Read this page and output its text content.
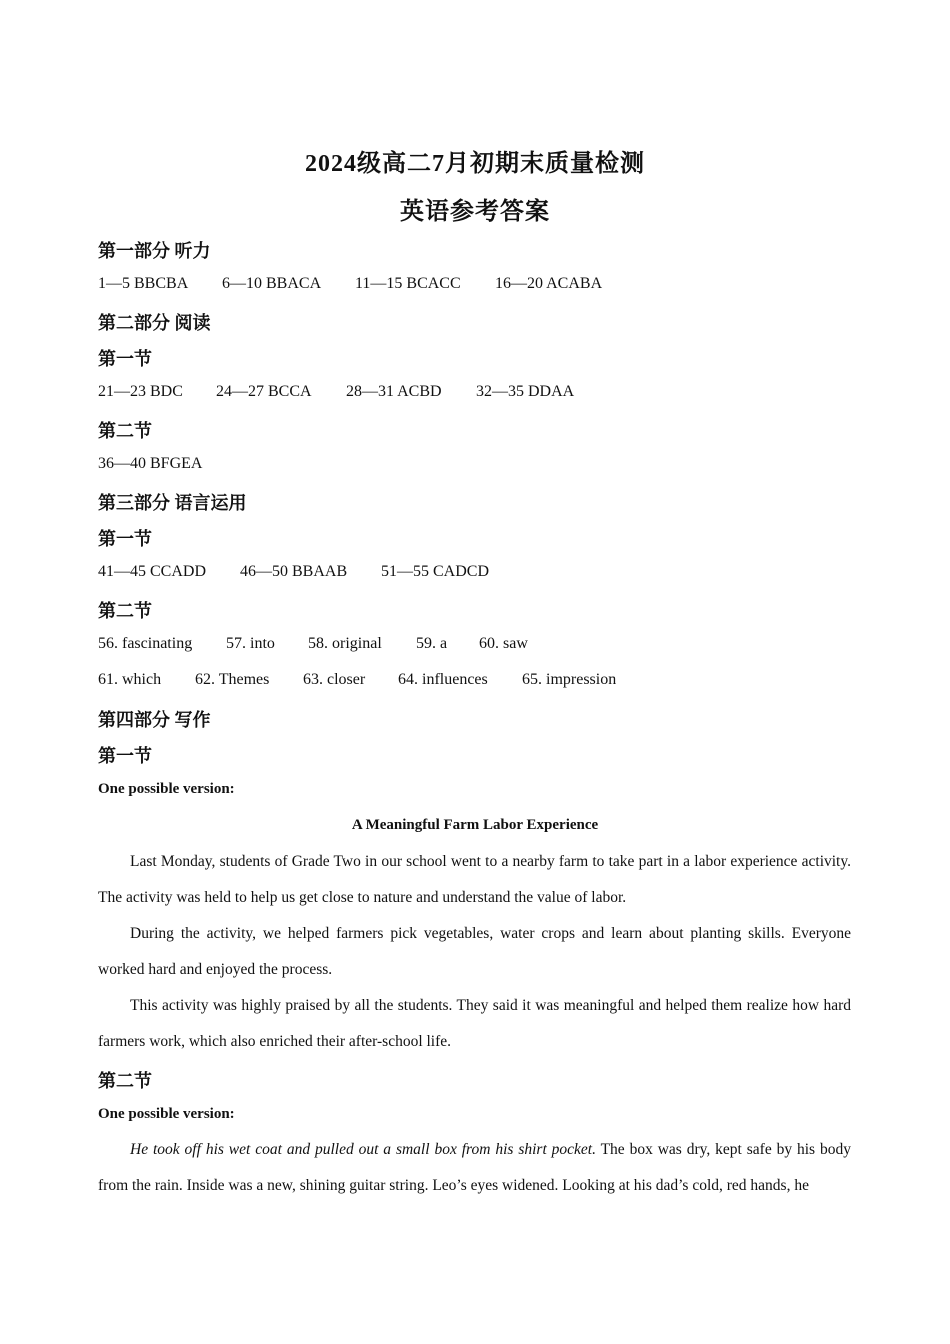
2024级高二7月初期末质量检测
英语参考答案
第一部分 听力
1—5 BBCBA 6—10 BBACA 11—15 BCACC 16—20 ACABA
第二部分 阅读
第一节
21—23 BDC 24—27 BCCA 28—31 ACBD 32—35 DDAA
第二节
36—40 BFGEA
第三部分 语言运用
第一节
41—45 CCADD 46—50 BBAAB 51—55 CADCD
第二节
56. fascinating 57. into 58. original 59. a 60. saw
61. which 62. Themes 63. closer 64. influences 65. impression
第四部分 写作
第一节
One possible version:
A Meaningful Farm Labor Experience
Last Monday, students of Grade Two in our school went to a nearby farm to take part in a labor experience activity. The activity was held to help us get close to nature and understand the value of labor.
During the activity, we helped farmers pick vegetables, water crops and learn about planting skills. Everyone worked hard and enjoyed the process.
This activity was highly praised by all the students. They said it was meaningful and helped them realize how hard farmers work, which also enriched their after-school life.
第二节
One possible version:
He took off his wet coat and pulled out a small box from his shirt pocket. The box was dry, kept safe by his body from the rain. Inside was a new, shining guitar string. Leo’s eyes widened. Looking at his dad’s cold, red hands, he
